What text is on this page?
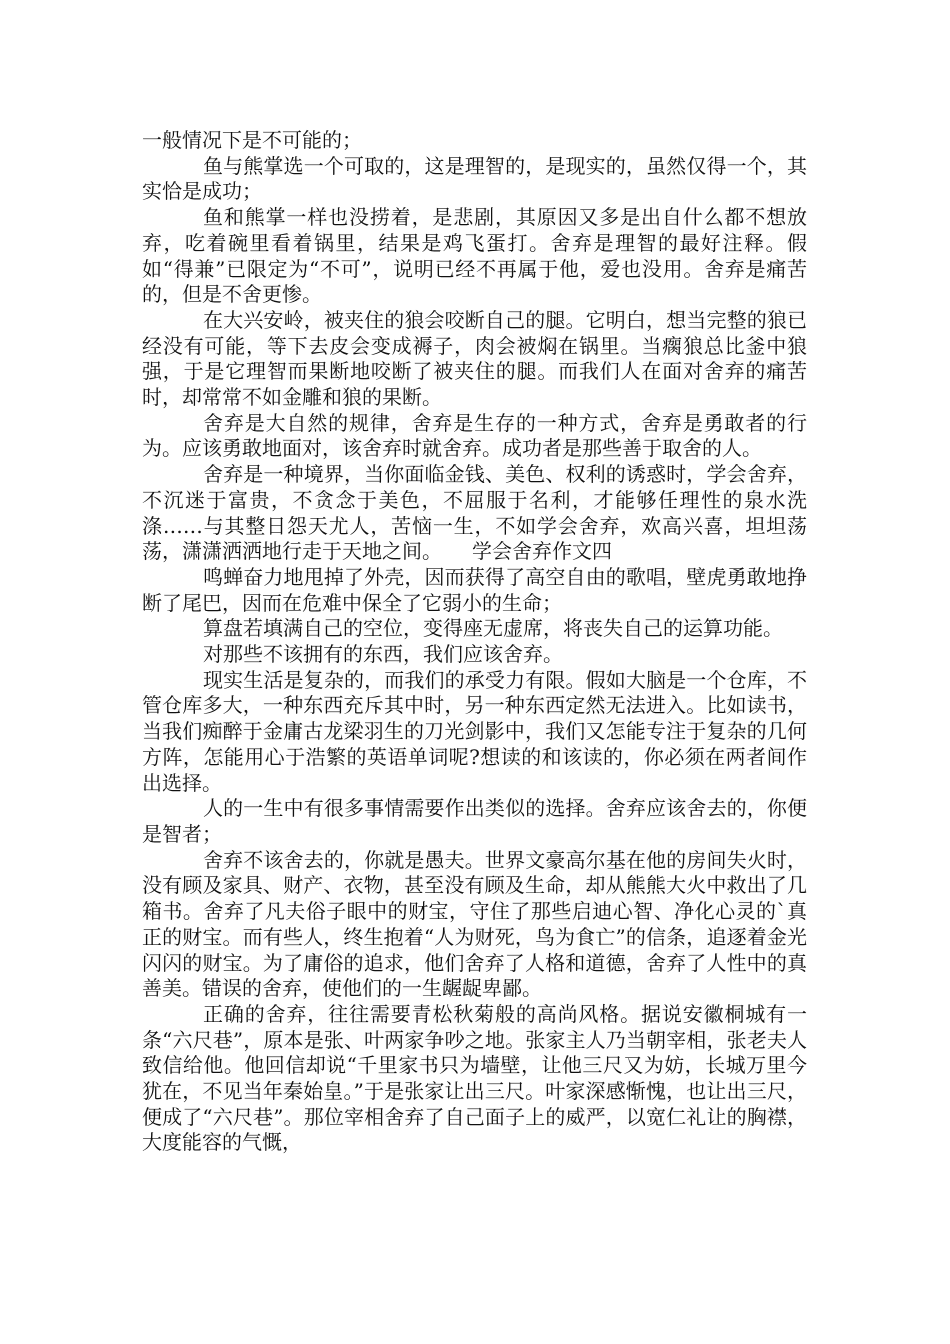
一般情况下是不可能的；

鱼与熊掌选一个可取的，这是理智的，是现实的，虽然仅得一个，其实恰是成功；

鱼和熊掌一样也没捞着，是悲剧，其原因又多是出自什么都不想放弃，吃着碗里看着锅里，结果是鸡飞蛋打。舍弃是理智的最好注释。假如“得兼”已限定为“不可”，说明已经不再属于他，爱也没用。舍弃是痛苦的，但是不舍更惨。

在大兴安岭，被夹住的狼会咬断自己的腿。它明白，想当完整的狼已经没有可能，等下去皮会变成褥子，肉会被焖在锅里。当瘸狼总比釜中狼强，于是它理智而果断地咬断了被夹住的腿。而我们人在面对舍弃的痛苦时，却常常不如金雕和狼的果断。

舍弃是大自然的规律，舍弃是生存的一种方式，舍弃是勇敢者的行为。应该勇敢地面对，该舍弃时就舍弃。成功者是那些善于取舍的人。

舍弃是一种境界，当你面临金钱、美色、权利的诱惑时，学会舍弃，不沉迷于富贵，不贪念于美色，不屈服于名利，才能够任理性的泉水洗涤……与其整日怨天尤人，苦恼一生，不如学会舍弃，欢高兴喜，坦坦荡荡，潇潇洒洒地行走于天地之间。　　学会舍弃作文四

鸣蝉奋力地甩掉了外壳，因而获得了高空自由的歌唱，壁虎勇敢地挣断了尾巴，因而在危难中保全了它弱小的生命；

算盘若填满自己的空位，变得座无虚席，将丧失自己的运算功能。

对那些不该拥有的东西，我们应该舍弃。

现实生活是复杂的，而我们的承受力有限。假如大脑是一个仓库，不管仓库多大，一种东西充斥其中时，另一种东西定然无法进入。比如读书，当我们痴醉于金庸古龙梁羽生的刀光剑影中，我们又怎能专注于复杂的几何方阵，怎能用心于浩繁的英语单词呢?想读的和该读的，你必须在两者间作出选择。

人的一生中有很多事情需要作出类似的选择。舍弃应该舍去的，你便是智者；

舍弃不该舍去的，你就是愚夫。世界文豪高尔基在他的房间失火时，没有顾及家具、财产、衣物，甚至没有顾及生命，却从熊熊大火中救出了几箱书。舍弃了凡夫俗子眼中的财宝，守住了那些启迪心智、净化心灵的`真正的财宝。而有些人，终生抱着“人为财死，鸟为食亡”的信条，追逐着金光闪闪的财宝。为了庸俗的追求，他们舍弃了人格和道德，舍弃了人性中的真善美。错误的舍弃，使他们的一生龌龊卑鄙。

正确的舍弃，往往需要青松秋菊般的高尚风格。据说安徽桐城有一条“六尺巷”，原本是张、叶两家争吵之地。张家主人乃当朝宰相，张老夫人致信给他。他回信却说“千里家书只为墙壁，让他三尺又为妨，长城万里今犹在，不见当年秦始皇。”于是张家让出三尺。叶家深感惭愧，也让出三尺，便成了“六尺巷”。那位宰相舍弃了自己面子上的威严，以宽仁礼让的胸襟，大度能容的气慨，
